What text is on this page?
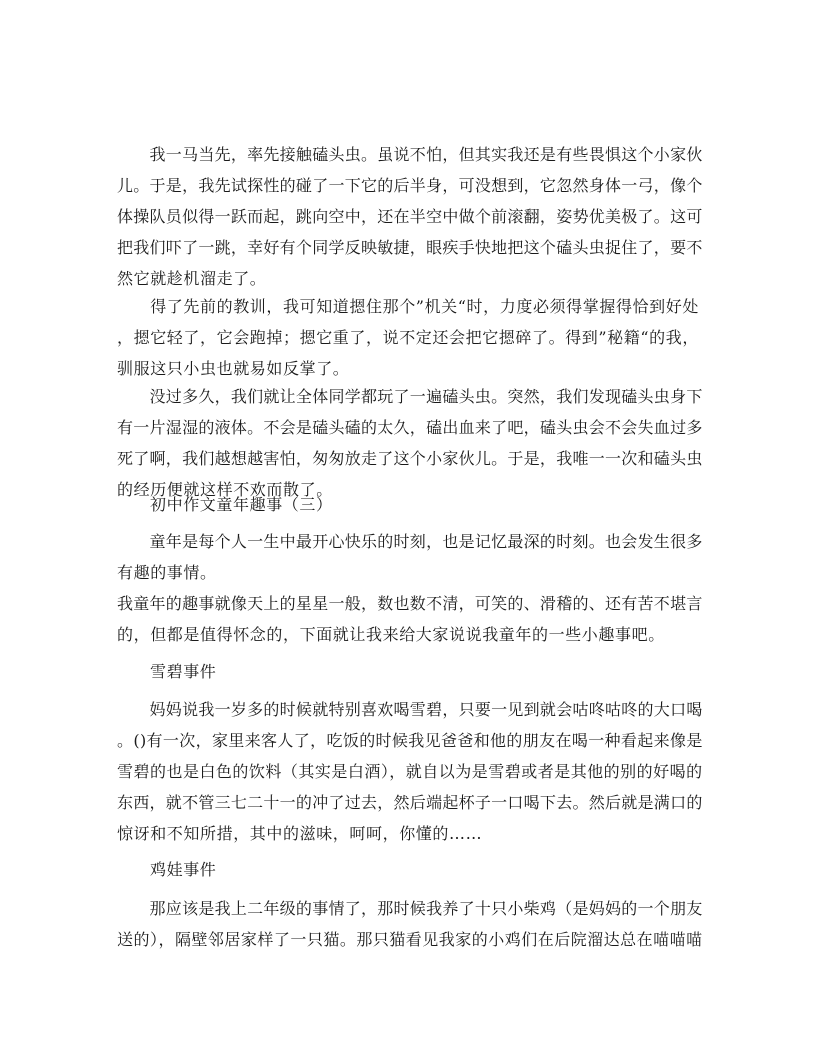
　　我一马当先，率先接触磕头虫。虽说不怕，但其实我还是有些畏惧这个小家伙
儿。于是，我先试探性的碰了一下它的后半身，可没想到，它忽然身体一弓，像个
体操队员似得一跃而起，跳向空中，还在半空中做个前滚翻，姿势优美极了。这可
把我们吓了一跳，幸好有个同学反映敏捷，眼疾手快地把这个磕头虫捉住了，要不
然它就趁机溜走了。
　　得了先前的教训，我可知道摁住那个”机关“时，力度必须得掌握得恰到好处
，摁它轻了，它会跑掉；摁它重了，说不定还会把它摁碎了。得到”秘籍“的我，
驯服这只小虫也就易如反掌了。
　　没过多久，我们就让全体同学都玩了一遍磕头虫。突然，我们发现磕头虫身下
有一片湿湿的液体。不会是磕头磕的太久，磕出血来了吧，磕头虫会不会失血过多
死了啊，我们越想越害怕，匆匆放走了这个小家伙儿。于是，我唯一一次和磕头虫
的经历便就这样不欢而散了。
初中作文童年趣事（三）
　　童年是每个人一生中最开心快乐的时刻，也是记忆最深的时刻。也会发生很多
有趣的事情。
我童年的趣事就像天上的星星一般，数也数不清，可笑的、滑稽的、还有苦不堪言
的，但都是值得怀念的，下面就让我来给大家说说我童年的一些小趣事吧。
雪碧事件
　　妈妈说我一岁多的时候就特别喜欢喝雪碧，只要一见到就会咕咚咕咚的大口喝
。()有一次，家里来客人了，吃饭的时候我见爸爸和他的朋友在喝一种看起来像是
雪碧的也是白色的饮料（其实是白酒），就自以为是雪碧或者是其他的别的好喝的
东西，就不管三七二十一的冲了过去，然后端起杯子一口喝下去。然后就是满口的
惊讶和不知所措，其中的滋味，呵呵，你懂的……
鸡娃事件
　　那应该是我上二年级的事情了，那时候我养了十只小柴鸡（是妈妈的一个朋友
送的），隔壁邻居家样了一只猫。那只猫看见我家的小鸡们在后院溜达总在喵喵喵
